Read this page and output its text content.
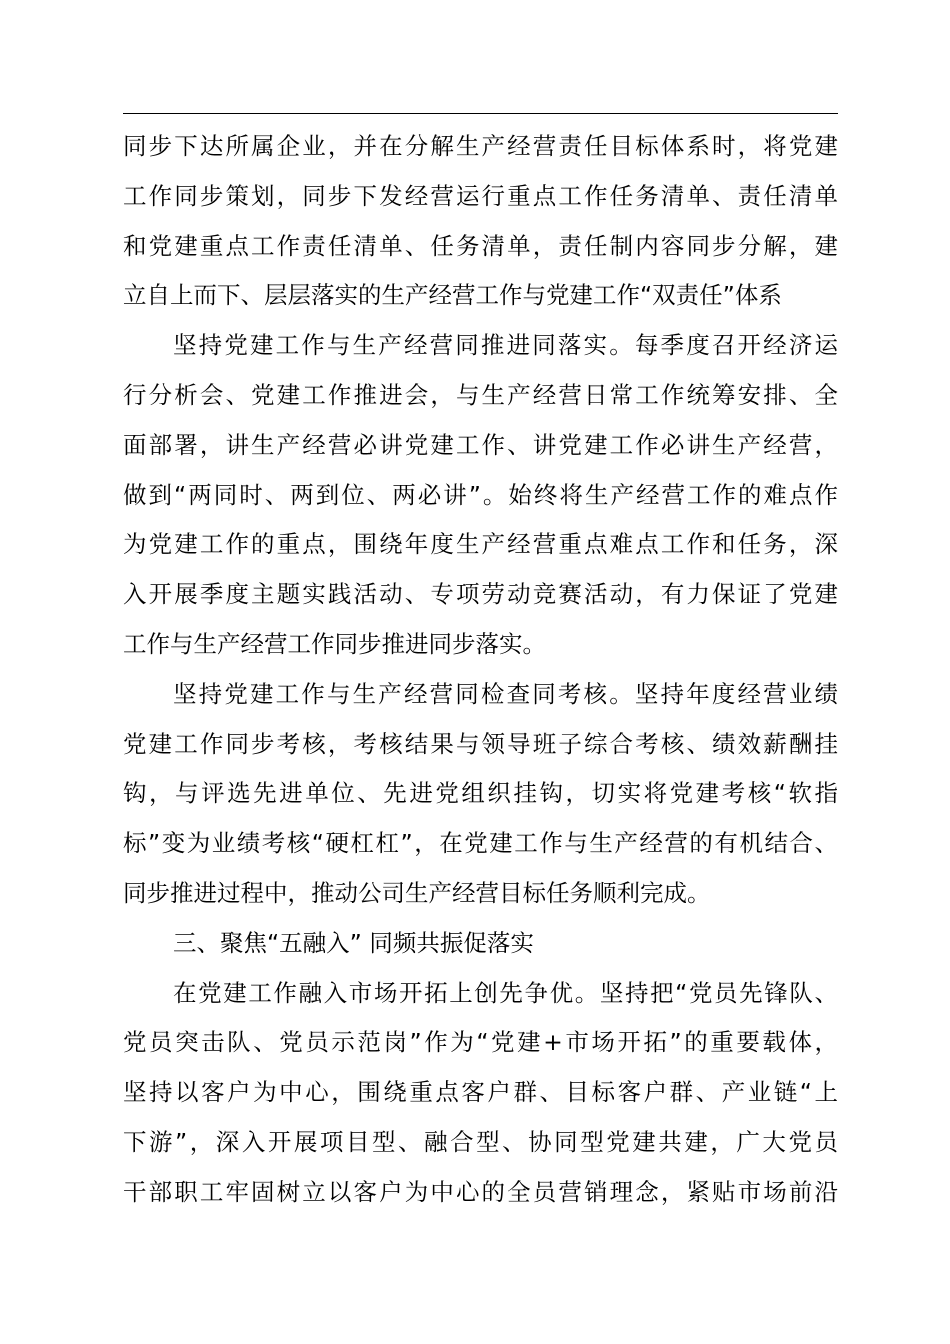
同步下达所属企业，并在分解生产经营责任目标体系时，将党建
工作同步策划，同步下发经营运行重点工作任务清单、责任清单
和党建重点工作责任清单、任务清单，责任制内容同步分解，建
立自上而下、层层落实的生产经营工作与党建工作“双责任”体系
坚持党建工作与生产经营同推进同落实。每季度召开经济运
行分析会、党建工作推进会，与生产经营日常工作统筹安排、全
面部署，讲生产经营必讲党建工作、讲党建工作必讲生产经营，
做到“两同时、两到位、两必讲”。始终将生产经营工作的难点作
为党建工作的重点，围绕年度生产经营重点难点工作和任务，深
入开展季度主题实践活动、专项劳动竞赛活动，有力保证了党建
工作与生产经营工作同步推进同步落实。
坚持党建工作与生产经营同检查同考核。坚持年度经营业绩
党建工作同步考核，考核结果与领导班子综合考核、绩效薪酬挂
钩，与评选先进单位、先进党组织挂钩，切实将党建考核“软指
标”变为业绩考核“硬杠杠”，在党建工作与生产经营的有机结合、
同步推进过程中，推动公司生产经营目标任务顺利完成。
三、聚焦“五融入” 同频共振促落实
在党建工作融入市场开拓上创先争优。坚持把“党员先锋队、
党员突击队、党员示范岗”作为“党建+市场开拓”的重要载体，
坚持以客户为中心，围绕重点客户群、目标客户群、产业链“上
下游”，深入开展项目型、融合型、协同型党建共建，广大党员
干部职工牢固树立以客户为中心的全员营销理念，紧贴市场前沿
